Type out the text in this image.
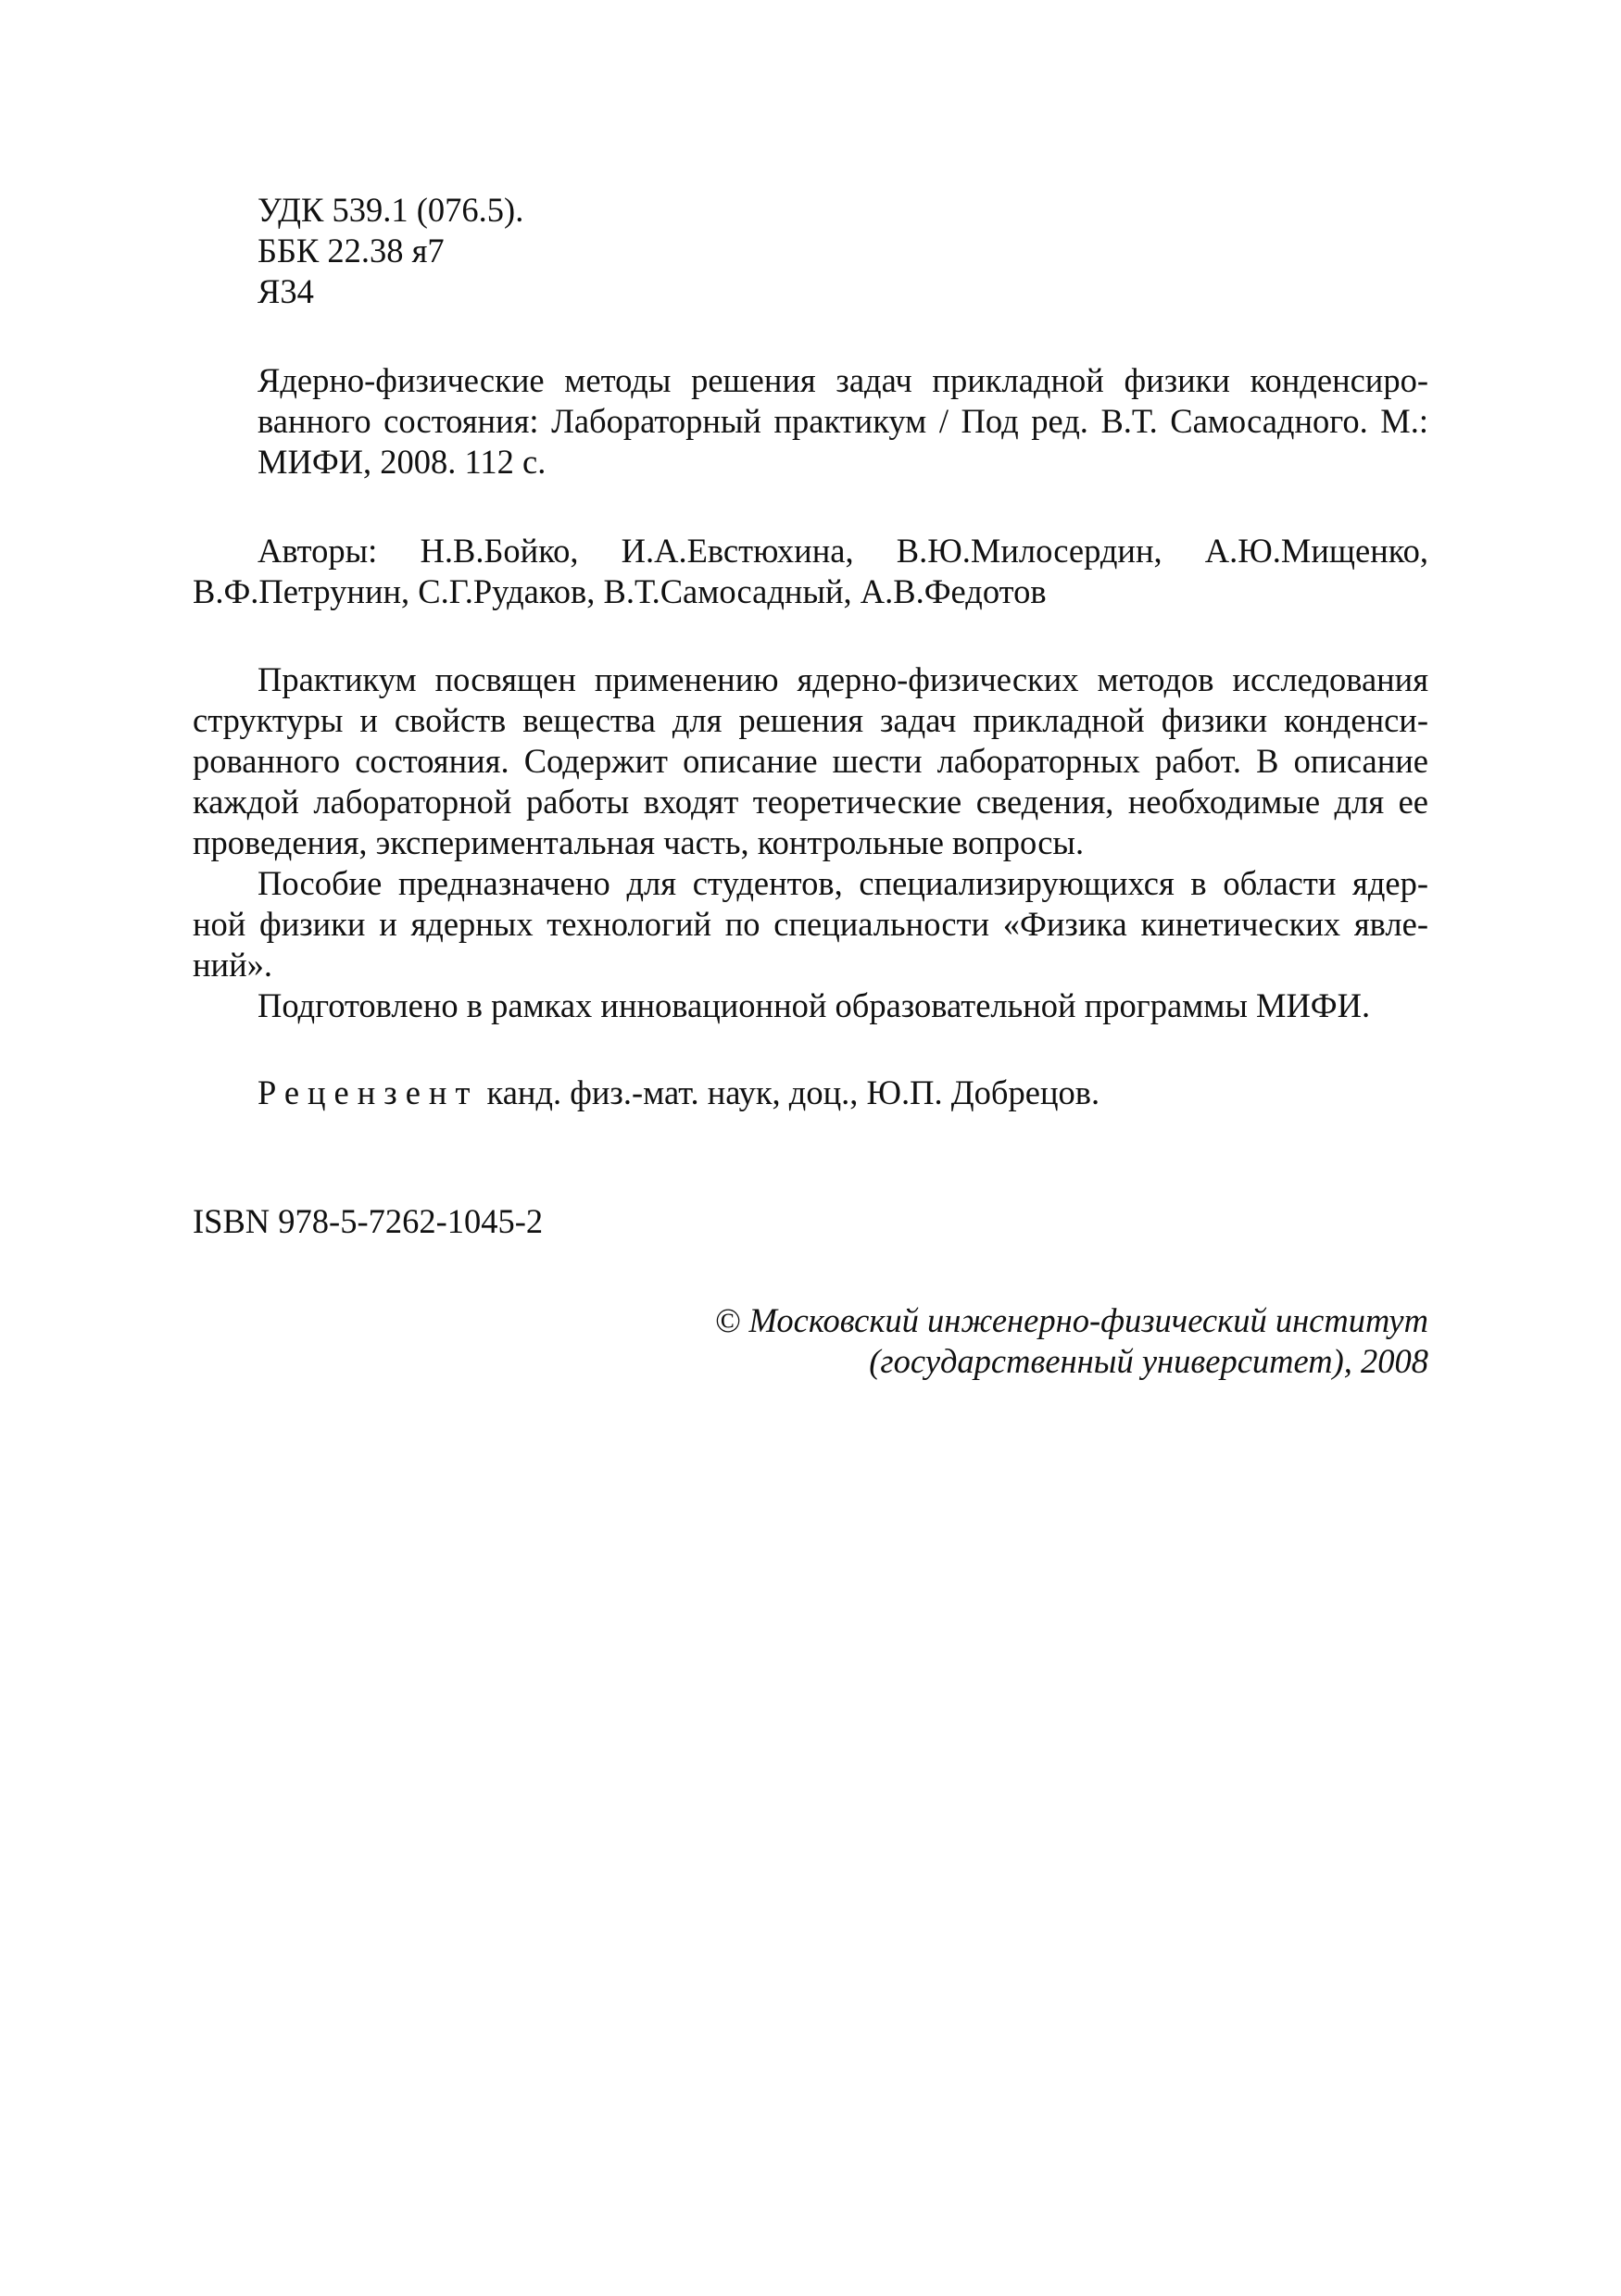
УДК 539.1 (076.5).
ББК 22.38 я7
Я34
Ядерно-физические методы решения задач прикладной физики конденсиро-
ванного состояния: Лабораторный практикум / Под ред. В.Т. Самосадного. М.:
МИФИ, 2008. 112 с.
Авторы: Н.В.Бойко, И.А.Евстюхина, В.Ю.Милосердин, А.Ю.Мищенко,
В.Ф.Петрунин, С.Г.Рудаков, В.Т.Самосадный, А.В.Федотов
Практикум посвящен применению ядерно-физических методов исследования
структуры и свойств вещества для решения задач прикладной физики конденси-
рованного состояния. Содержит описание шести лабораторных работ. В описание
каждой лабораторной работы входят теоретические сведения, необходимые для ее
проведения, экспериментальная часть, контрольные вопросы.
Пособие предназначено для студентов, специализирующихся в области ядер-
ной физики и ядерных технологий по специальности «Физика кинетических явле-
ний».
Подготовлено в рамках инновационной образовательной программы МИФИ.
Рецензент канд. физ.-мат. наук, доц., Ю.П. Добрецов.
ISBN 978-5-7262-1045-2
© Московский инженерно-физический институт
(государственный университет), 2008
